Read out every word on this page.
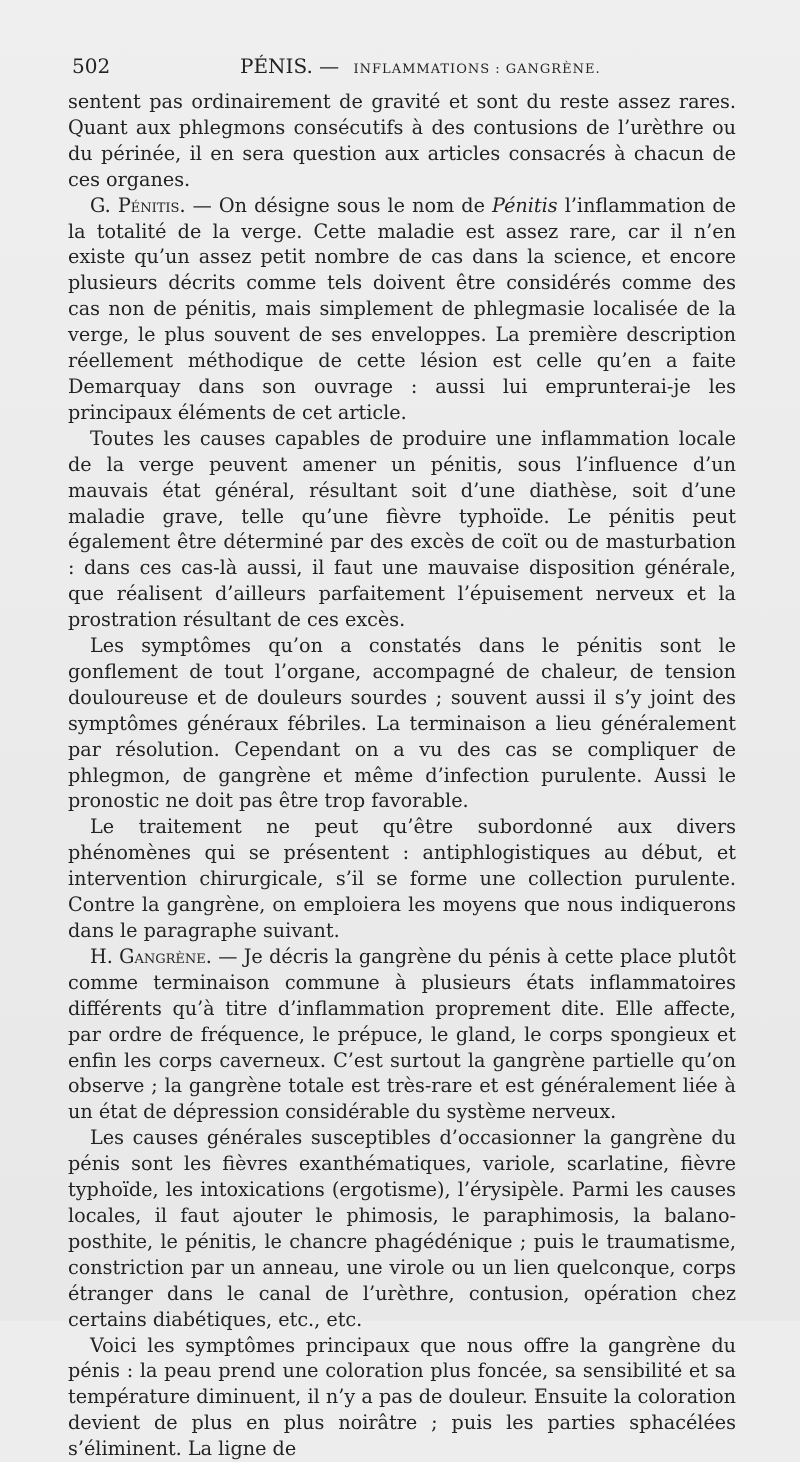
502	PÉNIS. — INFLAMMATIONS : GANGRÈNE.

sentent pas ordinairement de gravité et sont du reste assez rares. Quant aux phlegmons consécutifs à des contusions de l’urèthre ou du périnée, il en sera question aux articles consacrés à chacun de ces organes.

G. Pénitis. — On désigne sous le nom de Pénitis l’inflammation de la totalité de la verge. Cette maladie est assez rare, car il n’en existe qu’un assez petit nombre de cas dans la science, et encore plusieurs décrits comme tels doivent être considérés comme des cas non de pénitis, mais simplement de phlegmasie localisée de la verge, le plus souvent de ses enveloppes. La première description réellement méthodique de cette lésion est celle qu’en a faite Demarquay dans son ouvrage : aussi lui emprunterai-je les principaux éléments de cet article.

Toutes les causes capables de produire une inflammation locale de la verge peuvent amener un pénitis, sous l’influence d’un mauvais état général, résultant soit d’une diathèse, soit d’une maladie grave, telle qu’une fièvre typhoïde. Le pénitis peut également être déterminé par des excès de coït ou de masturbation : dans ces cas-là aussi, il faut une mauvaise disposition générale, que réalisent d’ailleurs parfaitement l’épuisement nerveux et la prostration résultant de ces excès.

Les symptômes qu’on a constatés dans le pénitis sont le gonflement de tout l’organe, accompagné de chaleur, de tension douloureuse et de douleurs sourdes ; souvent aussi il s’y joint des symptômes généraux fébriles. La terminaison a lieu généralement par résolution. Cependant on a vu des cas se compliquer de phlegmon, de gangrène et même d’infection purulente. Aussi le pronostic ne doit pas être trop favorable.

Le traitement ne peut qu’être subordonné aux divers phénomènes qui se présentent : antiphlogistiques au début, et intervention chirurgicale, s’il se forme une collection purulente. Contre la gangrène, on emploiera les moyens que nous indiquerons dans le paragraphe suivant.

H. Gangrène. — Je décris la gangrène du pénis à cette place plutôt comme terminaison commune à plusieurs états inflammatoires différents qu’à titre d’inflammation proprement dite. Elle affecte, par ordre de fréquence, le prépuce, le gland, le corps spongieux et enfin les corps caverneux. C’est surtout la gangrène partielle qu’on observe ; la gangrène totale est très-rare et est généralement liée à un état de dépression considérable du système nerveux.

Les causes générales susceptibles d’occasionner la gangrène du pénis sont les fièvres exanthématiques, variole, scarlatine, fièvre typhoïde, les intoxications (ergotisme), l’érysipèle. Parmi les causes locales, il faut ajouter le phimosis, le paraphimosis, la balano-posthite, le pénitis, le chancre phagédénique ; puis le traumatisme, constriction par un anneau, une virole ou un lien quelconque, corps étranger dans le canal de l’urèthre, contusion, opération chez certains diabétiques, etc., etc.

Voici les symptômes principaux que nous offre la gangrène du pénis : la peau prend une coloration plus foncée, sa sensibilité et sa température diminuent, il n’y a pas de douleur. Ensuite la coloration devient de plus en plus noirâtre ; puis les parties sphacélées s’éliminent. La ligne de
